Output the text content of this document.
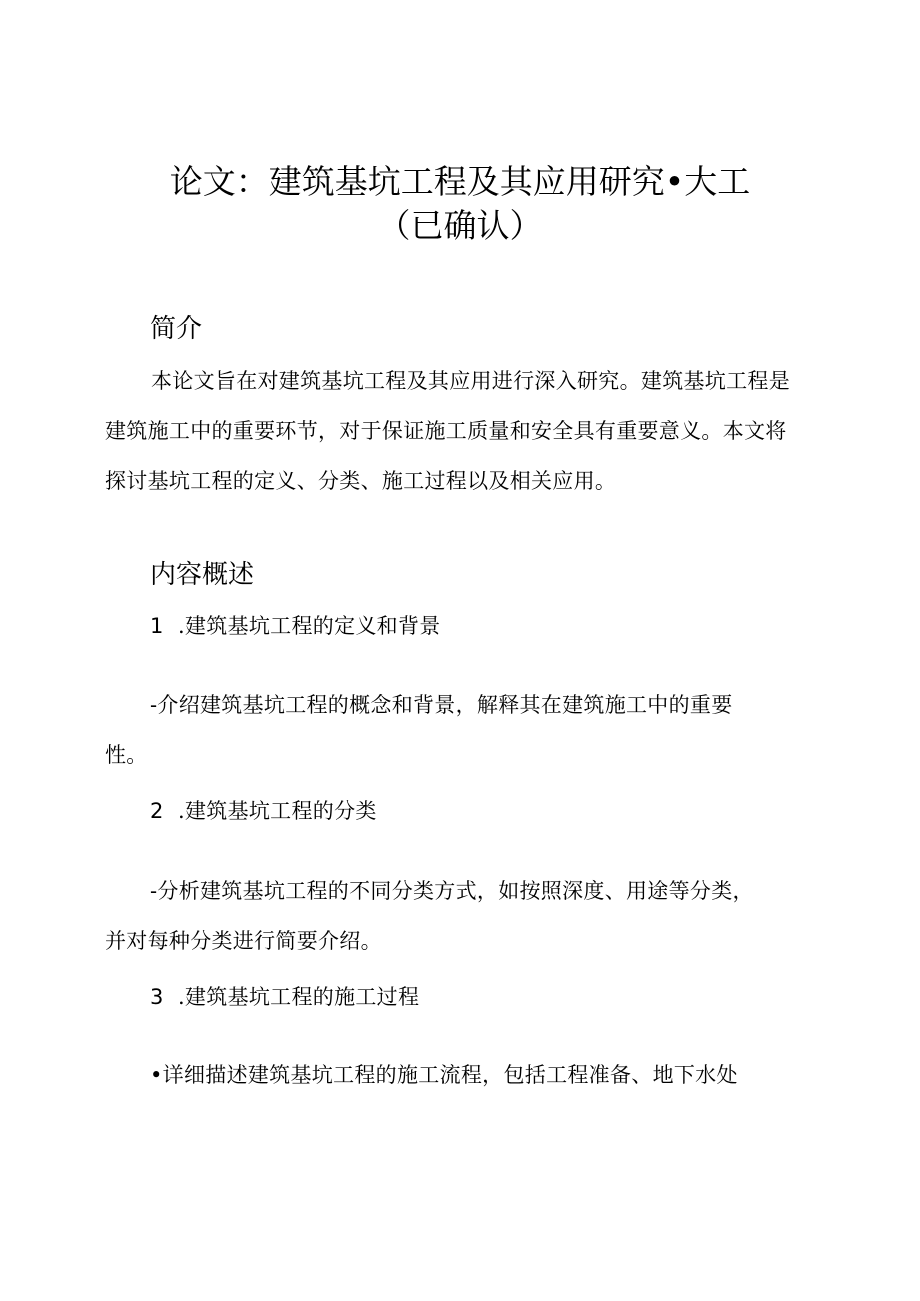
论文：建筑基坑工程及其应用研究•大工
（已确认）
简介

本论文旨在对建筑基坑工程及其应用进行深入研究。建筑基坑工程是建筑施工中的重要环节，对于保证施工质量和安全具有重要意义。本文将探讨基坑工程的定义、分类、施工过程以及相关应用。

内容概述
1 .建筑基坑工程的定义和背景
-介绍建筑基坑工程的概念和背景，解释其在建筑施工中的重要
性。
2 .建筑基坑工程的分类
-分析建筑基坑工程的不同分类方式，如按照深度、用途等分类，
并对每种分类进行简要介绍。
3 .建筑基坑工程的施工过程
•详细描述建筑基坑工程的施工流程，包括工程准备、地下水处
